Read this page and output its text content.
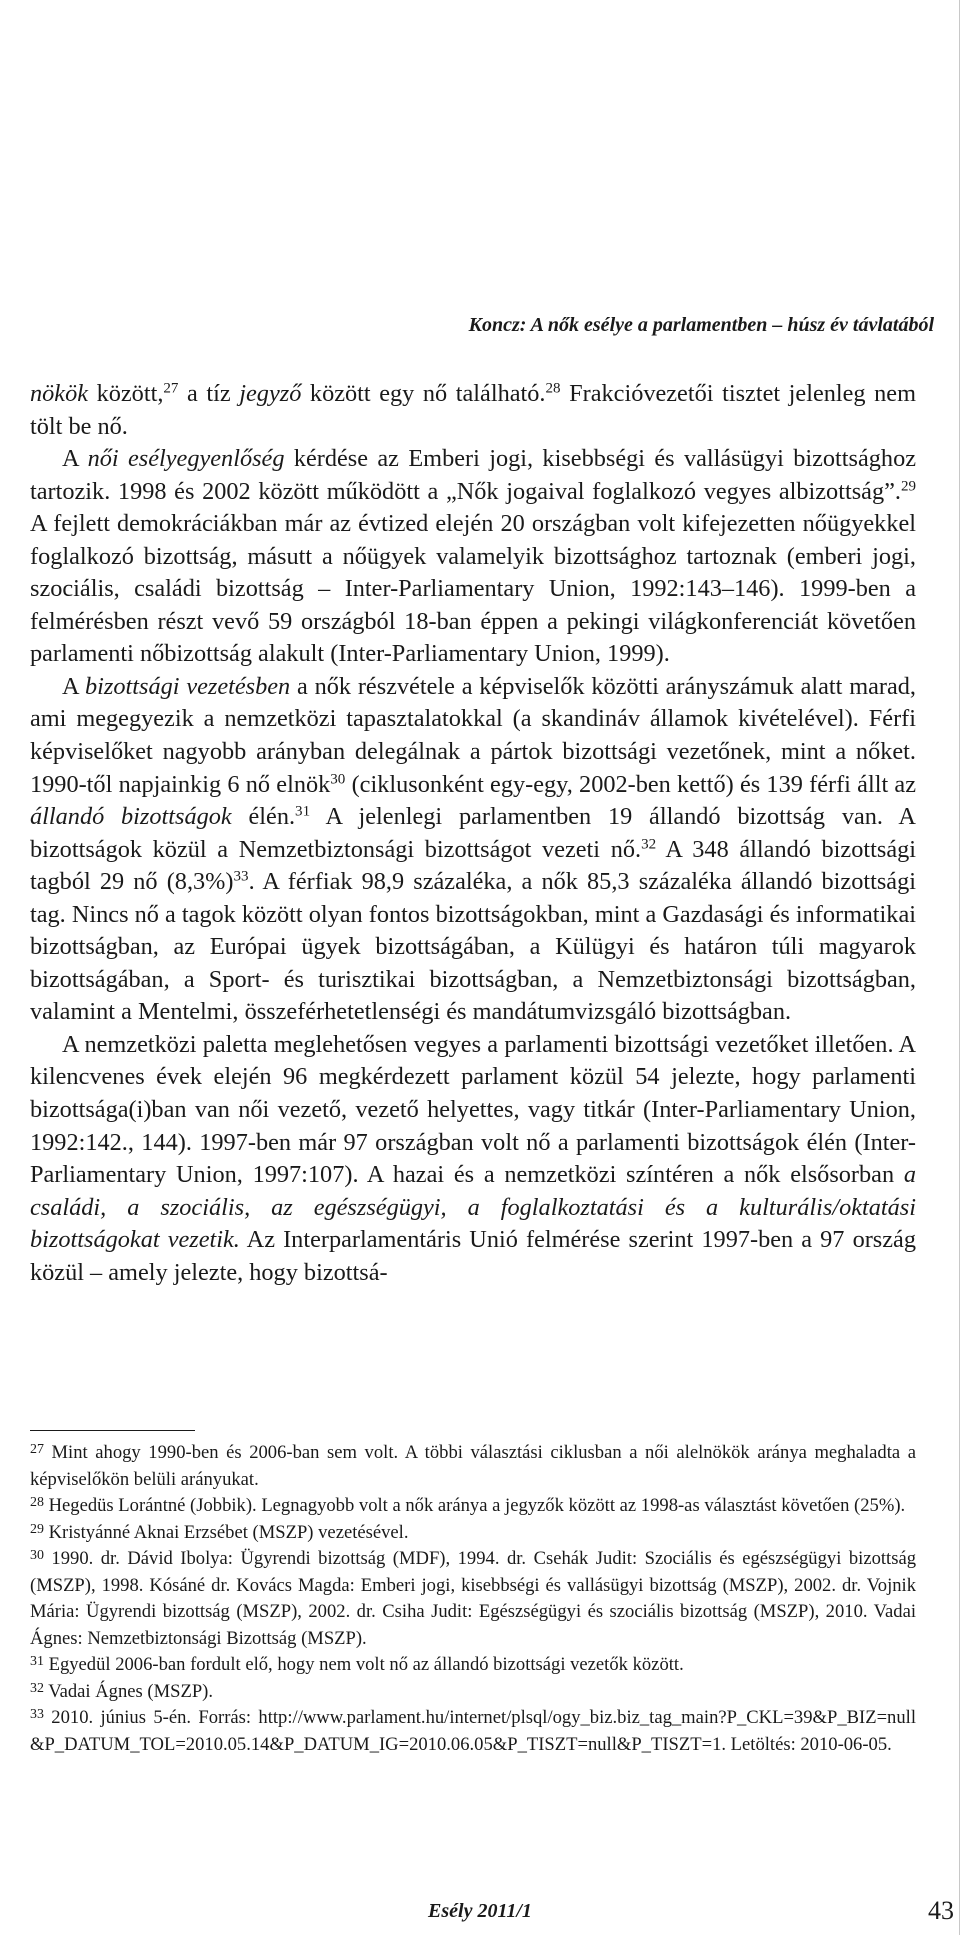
Koncz: A nők esélye a parlamentben – húsz év távlatából

nökök között,$^{27}$ a tíz jegyző között egy nő található.$^{28}$ Frakcióvezetői tisztet jelenleg nem tölt be nő.

A női esélyegyenlőség kérdése az Emberi jogi, kisebbségi és vallásügyi bizottsághoz tartozik. 1998 és 2002 között működött a „Nők jogaival foglalkozó vegyes albizottság”.$^{29}$ A fejlett demokráciákban már az évtized elején 20 országban volt kifejezetten nőügyekkel foglalkozó bizottság, másutt a nőügyek valamelyik bizottsághoz tartoznak (emberi jogi, szociális, családi bizottság – Inter-Parliamentary Union, 1992:143–146). 1999-ben a felmérésben részt vevő 59 országból 18-ban éppen a pekingi világkonferenciát követően parlamenti nőbizottság alakult (Inter-Parliamentary Union, 1999).

A bizottsági vezetésben a nők részvétele a képviselők közötti arányszámuk alatt marad, ami megegyezik a nemzetközi tapasztalatokkal (a skandináv államok kivételével). Férfi képviselőket nagyobb arányban delegálnak a pártok bizottsági vezetőnek, mint a nőket. 1990-től napjainkig 6 nő elnök$^{30}$ (ciklusonként egy-egy, 2002-ben kettő) és 139 férfi állt az állandó bizottságok élén.$^{31}$ A jelenlegi parlamentben 19 állandó bizottság van. A bizottságok közül a Nemzetbiztonsági bizottságot vezeti nő.$^{32}$ A 348 állandó bizottsági tagból 29 nő $(8,3\%)^{33}$. A férfiak 98,9 százaléka, a nők 85,3 százaléka állandó bizottsági tag. Nincs nő a tagok között olyan fontos bizottságokban, mint a Gazdasági és informatikai bizottságban, az Európai ügyek bizottságában, a Külügyi és határon túli magyarok bizottságában, a Sport- és turisztikai bizottságban, a Nemzetbiztonsági bizottságban, valamint a Mentelmi, összeférhetetlenségi és mandátumvizsgáló bizottságban.

A nemzetközi paletta meglehetősen vegyes a parlamenti bizottsági vezetőket illetően. A kilencvenes évek elején 96 megkérdezett parlament közül 54 jelezte, hogy parlamenti bizottsága(i)ban van női vezető, vezető helyettes, vagy titkár (Inter-Parliamentary Union, 1992:142., 144). 1997-ben már 97 országban volt nő a parlamenti bizottságok élén (Inter-Parliamentary Union, 1997:107). A hazai és a nemzetközi színtéren a nők elsősorban a családi, a szociális, az egészségügyi, a foglalkoztatási és a kulturális/oktatási bizottságokat vezetik. Az Interparlamentáris Unió felmérése szerint 1997-ben a 97 ország közül – amely jelezte, hogy bizottsá-

$^{27}$ Mint ahogy 1990-ben és 2006-ban sem volt. A többi választási ciklusban a női alelnökök aránya meghaladta a képviselőkön belüli arányukat.

$^{28}$ Hegedüs Lorántné (Jobbik). Legnagyobb volt a nők aránya a jegyzők között az 1998-as választást követően (25%).

$^{29}$ Kristyánné Aknai Erzsébet (MSZP) vezetésével.

$^{30}$ 1990. dr. Dávid Ibolya: Ügyrendi bizottság (MDF), 1994. dr. Csehák Judit: Szociális és egészségügyi bizottság (MSZP), 1998. Kósáné dr. Kovács Magda: Emberi jogi, kisebbségi és vallásügyi bizottság (MSZP), 2002. dr. Vojnik Mária: Ügyrendi bizottság (MSZP), 2002. dr. Csiha Judit: Egészségügyi és szociális bizottság (MSZP), 2010. Vadai Ágnes: Nemzetbiztonsági Bizottság (MSZP).

$^{31}$ Egyedül 2006-ban fordult elő, hogy nem volt nő az állandó bizottsági vezetők között.

$^{32}$ Vadai Ágnes (MSZP).

$^{33}$ 2010. június 5-én. Forrás: http://www.parlament.hu/internet/plsql/ogy_biz.biz_tag_main?P_CKL=39&P_BIZ=null&P_DATUM_TOL=2010.05.14&P_DATUM_IG=2010.06.05&P_TISZT=null&P_TISZT=1. Letöltés: 2010-06-05.

Esély 2011/1	43
